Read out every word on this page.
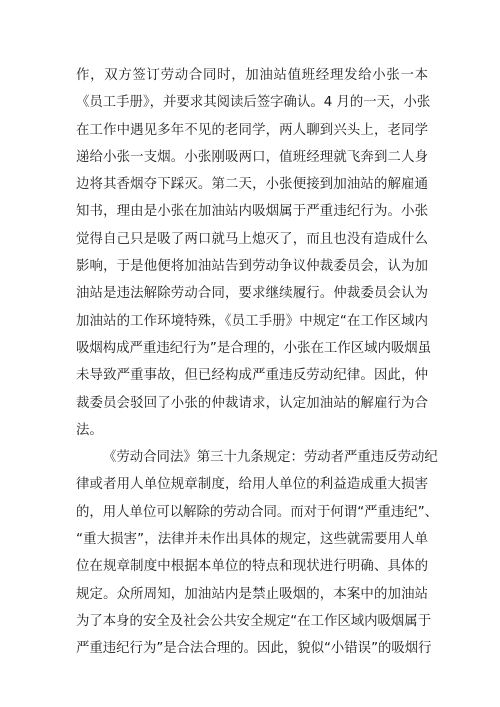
作，双方签订劳动合同时，加油站值班经理发给小张一本
《员工手册》，并要求其阅读后签字确认。4 月的一天，小张
在工作中遇见多年不见的老同学，两人聊到兴头上，老同学
递给小张一支烟。小张刚吸两口，值班经理就飞奔到二人身
边将其香烟夺下踩灭。第二天，小张便接到加油站的解雇通
知书，理由是小张在加油站内吸烟属于严重违纪行为。小张
觉得自己只是吸了两口就马上熄灭了，而且也没有造成什么
影响，于是他便将加油站告到劳动争议仲裁委员会，认为加
油站是违法解除劳动合同，要求继续履行。仲裁委员会认为
加油站的工作环境特殊，《员工手册》中规定“在工作区域内
吸烟构成严重违纪行为”是合理的，小张在工作区域内吸烟虽
未导致严重事故，但已经构成严重违反劳动纪律。因此，仲
裁委员会驳回了小张的仲裁请求，认定加油站的解雇行为合
法。
《劳动合同法》第三十九条规定：劳动者严重违反劳动纪
律或者用人单位规章制度，给用人单位的利益造成重大损害
的，用人单位可以解除的劳动合同。而对于何谓“严重违纪”、
“重大损害”，法律并未作出具体的规定，这些就需要用人单
位在规章制度中根据本单位的特点和现状进行明确、具体的
规定。众所周知，加油站内是禁止吸烟的，本案中的加油站
为了本身的安全及社会公共安全规定“在工作区域内吸烟属于
严重违纪行为”是合法合理的。因此，貌似“小错误”的吸烟行
